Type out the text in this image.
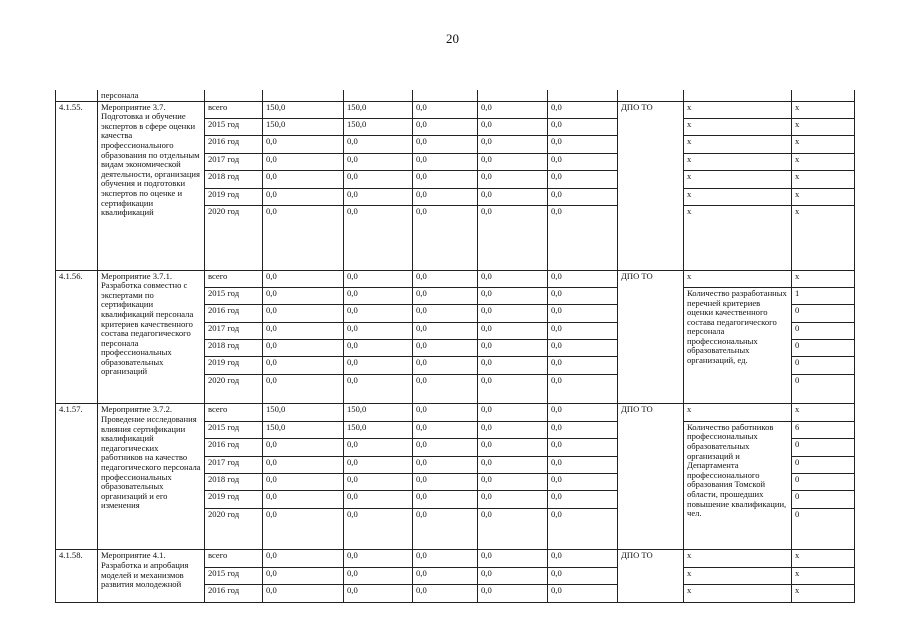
20
	персонала									
4.1.55.	Мероприятие 3.7. Подготовка и обучение экспертов в сфере оценки качества профессионального образования по отдельным видам экономической деятельности, организация обучения и подготовки экспертов по оценке и сертификации квалификаций	всего	150,0	150,0	0,0	0,0	0,0	ДПО ТО	х	х
		2015 год	150,0	150,0	0,0	0,0	0,0		х	х
		2016 год	0,0	0,0	0,0	0,0	0,0		х	х
		2017 год	0,0	0,0	0,0	0,0	0,0		х	х
		2018 год	0,0	0,0	0,0	0,0	0,0		х	х
		2019 год	0,0	0,0	0,0	0,0	0,0		х	х
		2020 год	0,0	0,0	0,0	0,0	0,0		х	х
4.1.56.	Мероприятие 3.7.1. Разработка совместно с экспертами по сертификации квалификаций персонала критериев качественного состава педагогического персонала профессиональных образовательных организаций	всего	0,0	0,0	0,0	0,0	0,0	ДПО ТО	х	х
		2015 год	0,0	0,0	0,0	0,0	0,0		Количество разработанных перечней критериев оценки качественного состава педагогического персонала профессиональных образовательных организаций, ед.	1
		2016 год	0,0	0,0	0,0	0,0	0,0			0
		2017 год	0,0	0,0	0,0	0,0	0,0			0
		2018 год	0,0	0,0	0,0	0,0	0,0			0
		2019 год	0,0	0,0	0,0	0,0	0,0			0
		2020 год	0,0	0,0	0,0	0,0	0,0			0
4.1.57.	Мероприятие 3.7.2. Проведение исследования влияния сертификации квалификаций педагогических работников на качество педагогического персонала профессиональных образовательных организаций и его изменения	всего	150,0	150,0	0,0	0,0	0,0	ДПО ТО	х	х
		2015 год	150,0	150,0	0,0	0,0	0,0		Количество работников профессиональных образовательных организаций и Департамента профессионального образования Томской области, прошедших повышение квалификации, чел.	6
		2016 год	0,0	0,0	0,0	0,0	0,0			0
		2017 год	0,0	0,0	0,0	0,0	0,0			0
		2018 год	0,0	0,0	0,0	0,0	0,0			0
		2019 год	0,0	0,0	0,0	0,0	0,0			0
		2020 год	0,0	0,0	0,0	0,0	0,0			0
4.1.58.	Мероприятие 4.1. Разработка и апробация моделей и механизмов развития молодежной	всего	0,0	0,0	0,0	0,0	0,0	ДПО ТО	х	х
		2015 год	0,0	0,0	0,0	0,0	0,0		х	х
		2016 год	0,0	0,0	0,0	0,0	0,0		х	х
